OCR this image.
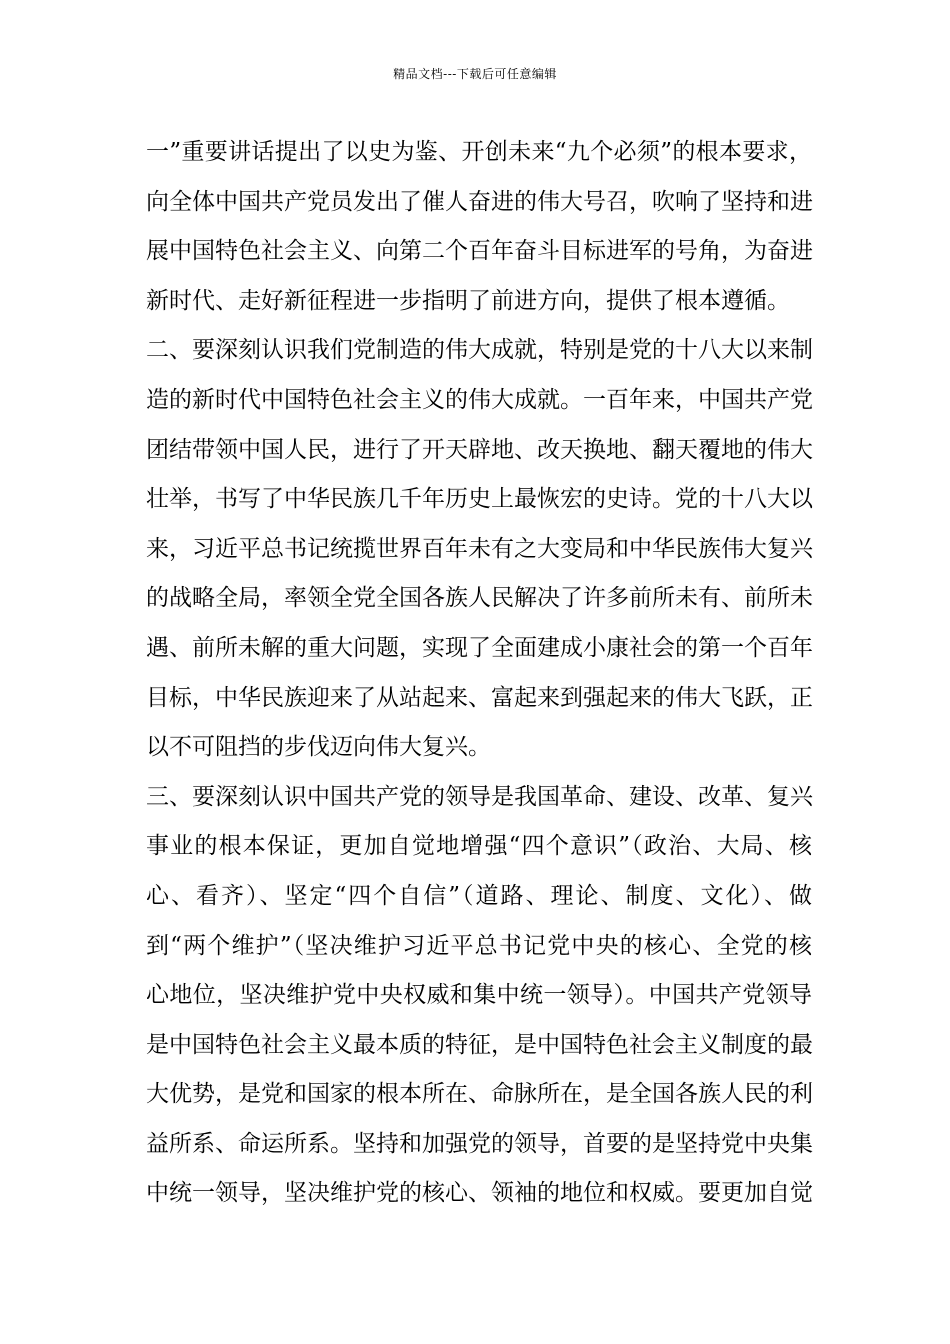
精品文档---下载后可任意编辑
一”重要讲话提出了以史为鉴、开创未来“九个必须”的根本要求，
向全体中国共产党员发出了催人奋进的伟大号召，吹响了坚持和进
展中国特色社会主义、向第二个百年奋斗目标进军的号角，为奋进
新时代、走好新征程进一步指明了前进方向，提供了根本遵循。
二、要深刻认识我们党制造的伟大成就，特别是党的十八大以来制
造的新时代中国特色社会主义的伟大成就。一百年来，中国共产党
团结带领中国人民，进行了开天辟地、改天换地、翻天覆地的伟大
壮举，书写了中华民族几千年历史上最恢宏的史诗。党的十八大以
来，习近平总书记统揽世界百年未有之大变局和中华民族伟大复兴
的战略全局，率领全党全国各族人民解决了许多前所未有、前所未
遇、前所未解的重大问题，实现了全面建成小康社会的第一个百年
目标，中华民族迎来了从站起来、富起来到强起来的伟大飞跃，正
以不可阻挡的步伐迈向伟大复兴。
三、要深刻认识中国共产党的领导是我国革命、建设、改革、复兴
事业的根本保证，更加自觉地增强“四个意识”（政治、大局、核
心、看齐）、坚定“四个自信”（道路、理论、制度、文化）、做
到“两个维护”（坚决维护习近平总书记党中央的核心、全党的核
心地位，坚决维护党中央权威和集中统一领导）。中国共产党领导
是中国特色社会主义最本质的特征，是中国特色社会主义制度的最
大优势，是党和国家的根本所在、命脉所在，是全国各族人民的利
益所系、命运所系。坚持和加强党的领导，首要的是坚持党中央集
中统一领导，坚决维护党的核心、领袖的地位和权威。要更加自觉
